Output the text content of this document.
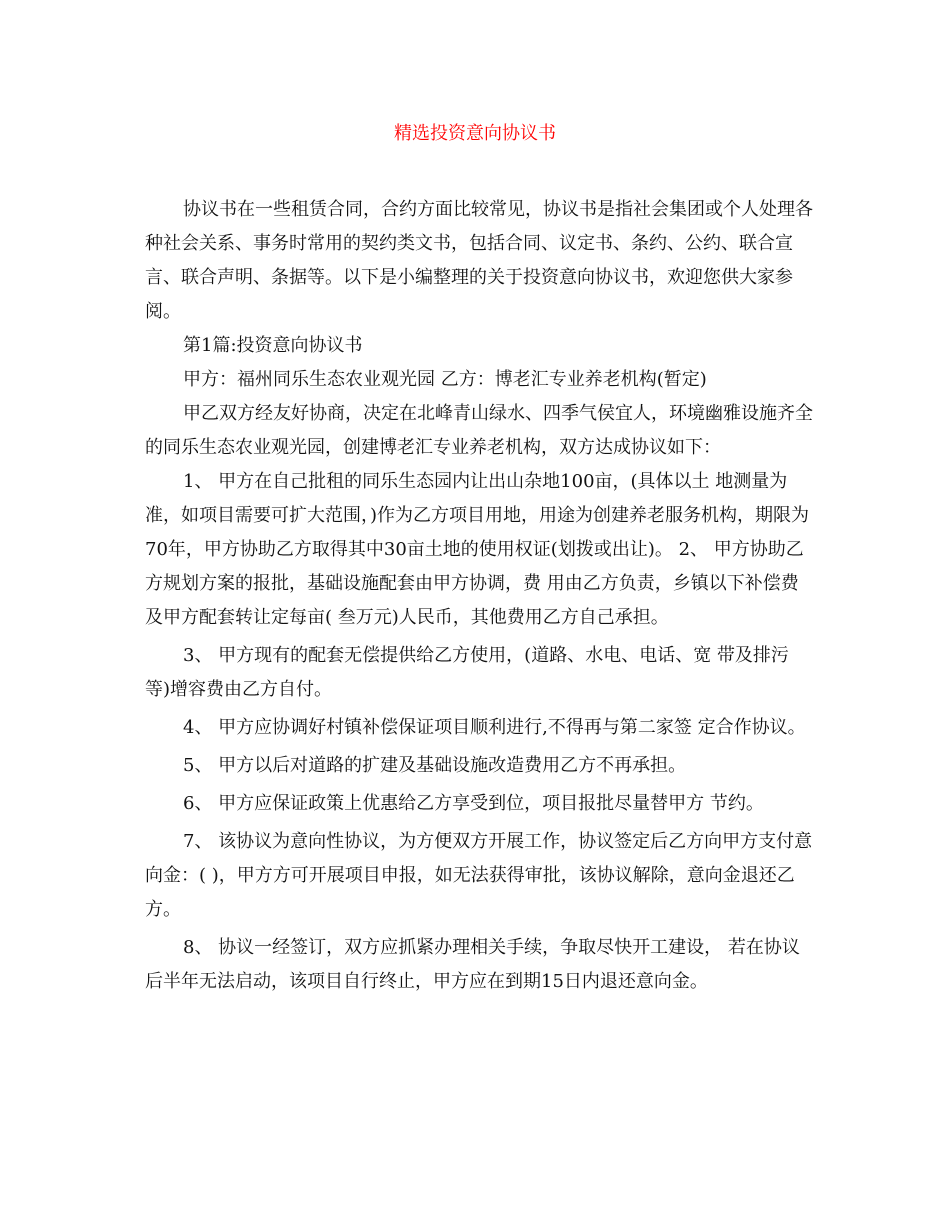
精选投资意向协议书

协议书在一些租赁合同，合约方面比较常见，协议书是指社会集团或个人处理各种社会关系、事务时常用的契约类文书，包括合同、议定书、条约、公约、联合宣言、联合声明、条据等。以下是小编整理的关于投资意向协议书，欢迎您供大家参阅。

第1篇:投资意向协议书

甲方：福州同乐生态农业观光园 乙方：博老汇专业养老机构(暂定)

甲乙双方经友好协商，决定在北峰青山绿水、四季气侯宜人，环境幽雅设施齐全的同乐生态农业观光园，创建博老汇专业养老机构，双方达成协议如下：

1、 甲方在自己批租的同乐生态园内让出山杂地100亩，(具体以土 地测量为准，如项目需要可扩大范围，)作为乙方项目用地，用途为创建养老服务机构，期限为70年，甲方协助乙方取得其中30亩土地的使用权证(划拨或出让)。 2、 甲方协助乙方规划方案的报批，基础设施配套由甲方协调，费 用由乙方负责，乡镇以下补偿费及甲方配套转让定每亩( 叁万元)人民币，其他费用乙方自己承担。

3、 甲方现有的配套无偿提供给乙方使用，(道路、水电、电话、宽 带及排污等)增容费由乙方自付。

4、 甲方应协调好村镇补偿保证项目顺利进行,不得再与第二家签 定合作协议。

5、 甲方以后对道路的扩建及基础设施改造费用乙方不再承担。

6、 甲方应保证政策上优惠给乙方享受到位，项目报批尽量替甲方 节约。

7、 该协议为意向性协议，为方便双方开展工作，协议签定后乙方向甲方支付意向金：( )，甲方方可开展项目申报，如无法获得审批，该协议解除，意向金退还乙方。

8、 协议一经签订，双方应抓紧办理相关手续，争取尽快开工建设， 若在协议后半年无法启动，该项目自行终止，甲方应在到期15日内退还意向金。
